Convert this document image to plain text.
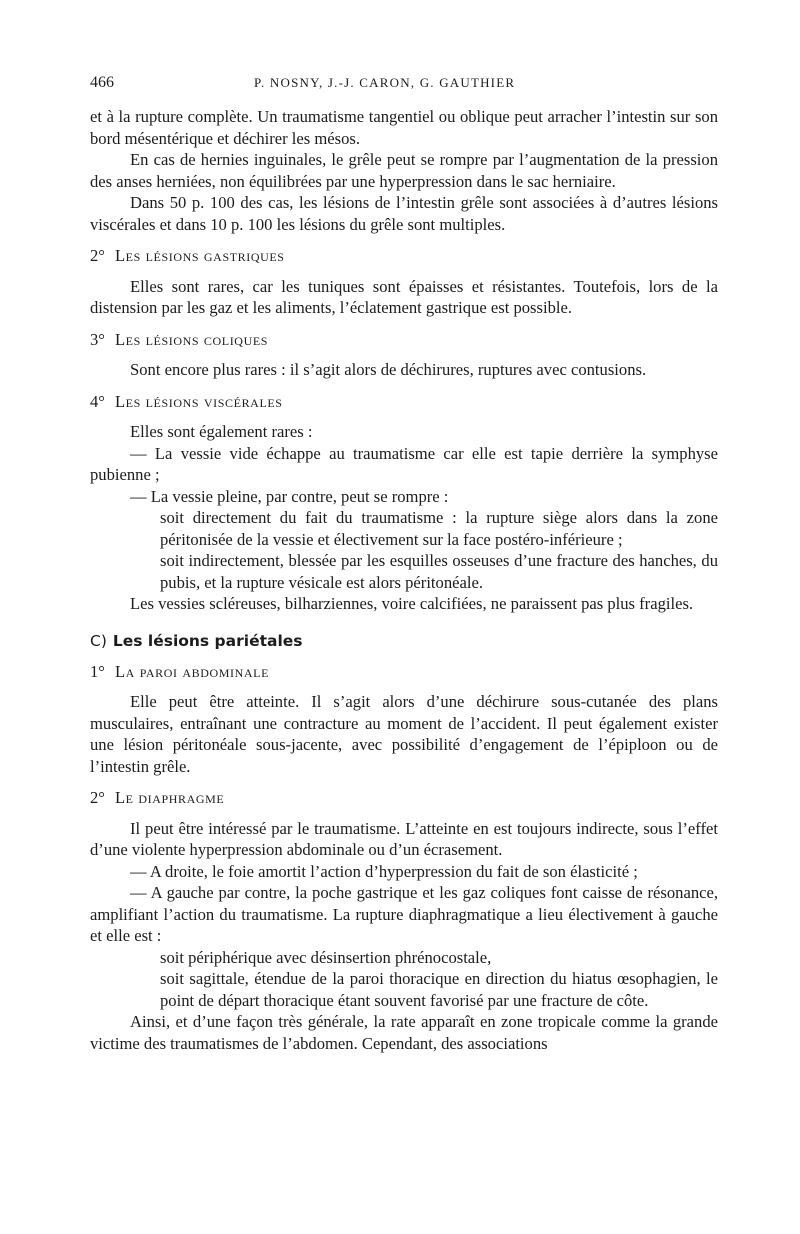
466	P. NOSNY, J.-J. CARON, G. GAUTHIER

et à la rupture complète. Un traumatisme tangentiel ou oblique peut arracher l’intestin sur son bord mésentérique et déchirer les mésos.

En cas de hernies inguinales, le grêle peut se rompre par l’augmentation de la pression des anses herniées, non équilibrées par une hyperpression dans le sac herniaire.

Dans 50 p. 100 des cas, les lésions de l’intestin grêle sont associées à d’autres lésions viscérales et dans 10 p. 100 les lésions du grêle sont multiples.

2° Les lésions gastriques

Elles sont rares, car les tuniques sont épaisses et résistantes. Toutefois, lors de la distension par les gaz et les aliments, l’éclatement gastrique est possible.

3° Les lésions coliques

Sont encore plus rares : il s’agit alors de déchirures, ruptures avec contusions.

4° Les lésions viscérales

Elles sont également rares :

— La vessie vide échappe au traumatisme car elle est tapie derrière la symphyse pubienne ;

— La vessie pleine, par contre, peut se rompre :

soit directement du fait du traumatisme : la rupture siège alors dans la zone péritonisée de la vessie et électivement sur la face postéro-inférieure ;

soit indirectement, blessée par les esquilles osseuses d’une fracture des hanches, du pubis, et la rupture vésicale est alors péritonéale.

Les vessies scléreuses, bilharziennes, voire calcifiées, ne paraissent pas plus fragiles.

C) Les lésions pariétales
1° La paroi abdominale

Elle peut être atteinte. Il s’agit alors d’une déchirure sous-cutanée des plans musculaires, entraînant une contracture au moment de l’accident. Il peut également exister une lésion péritonéale sous-jacente, avec possibilité d’engagement de l’épiploon ou de l’intestin grêle.

2° Le diaphragme

Il peut être intéressé par le traumatisme. L’atteinte en est toujours indirecte, sous l’effet d’une violente hyperpression abdominale ou d’un écrasement.

— A droite, le foie amortit l’action d’hyperpression du fait de son élasticité ;

— A gauche par contre, la poche gastrique et les gaz coliques font caisse de résonance, amplifiant l’action du traumatisme. La rupture diaphragmatique a lieu électivement à gauche et elle est :

soit périphérique avec désinsertion phrénocostale,

soit sagittale, étendue de la paroi thoracique en direction du hiatus œsophagien, le point de départ thoracique étant souvent favorisé par une fracture de côte.

Ainsi, et d’une façon très générale, la rate apparaît en zone tropicale comme la grande victime des traumatismes de l’abdomen. Cependant, des associations
